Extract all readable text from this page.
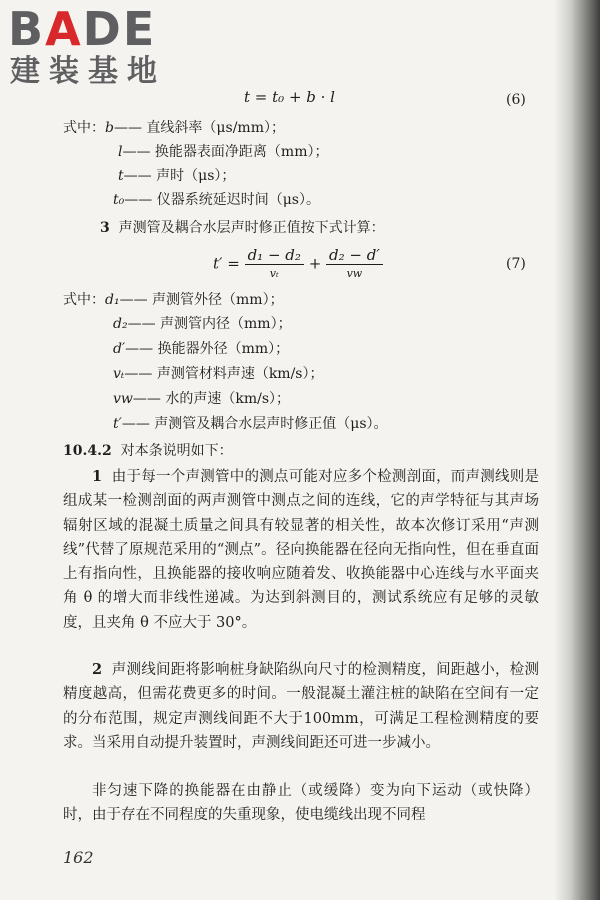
BADE
建装基地
t = t₀ + b · l	(6)
式中：b—— 直线斜率（μs/mm）；
l—— 换能器表面净距离（mm）；
t—— 声时（μs）；
t₀—— 仪器系统延迟时间（μs）。
3 声测管及耦合水层声时修正值按下式计算：
$t' = \frac{\text{d₁ − d₂}}{\text{vₜ}} + \frac{\text{d₂ − d′}}{vw}$	(7)
式中：d₁—— 声测管外径（mm）；
d₂—— 声测管内径（mm）；
d′—— 换能器外径（mm）；
vₜ—— 声测管材料声速（km/s）；
vw—— 水的声速（km/s）；
t′—— 声测管及耦合水层声时修正值（μs）。
10.4.2 对本条说明如下：
1 由于每一个声测管中的测点可能对应多个检测剖面，而声测线则是组成某一检测剖面的两声测管中测点之间的连线，它的声学特征与其声场辐射区域的混凝土质量之间具有较显著的相关性，故本次修订采用“声测线”代替了原规范采用的“测点”。径向换能器在径向无指向性，但在垂直面上有指向性，且换能器的接收响应随着发、收换能器中心连线与水平面夹角 θ 的增大而非线性递减。为达到斜测目的，测试系统应有足够的灵敏度，且夹角 θ 不应大于 30°。
2 声测线间距将影响桩身缺陷纵向尺寸的检测精度，间距越小，检测精度越高，但需花费更多的时间。一般混凝土灌注桩的缺陷在空间有一定的分布范围，规定声测线间距不大于100mm，可满足工程检测精度的要求。当采用自动提升装置时，声测线间距还可进一步减小。
非匀速下降的换能器在由静止（或缓降）变为向下运动（或快降）时，由于存在不同程度的失重现象，使电缆线出现不同程
162
